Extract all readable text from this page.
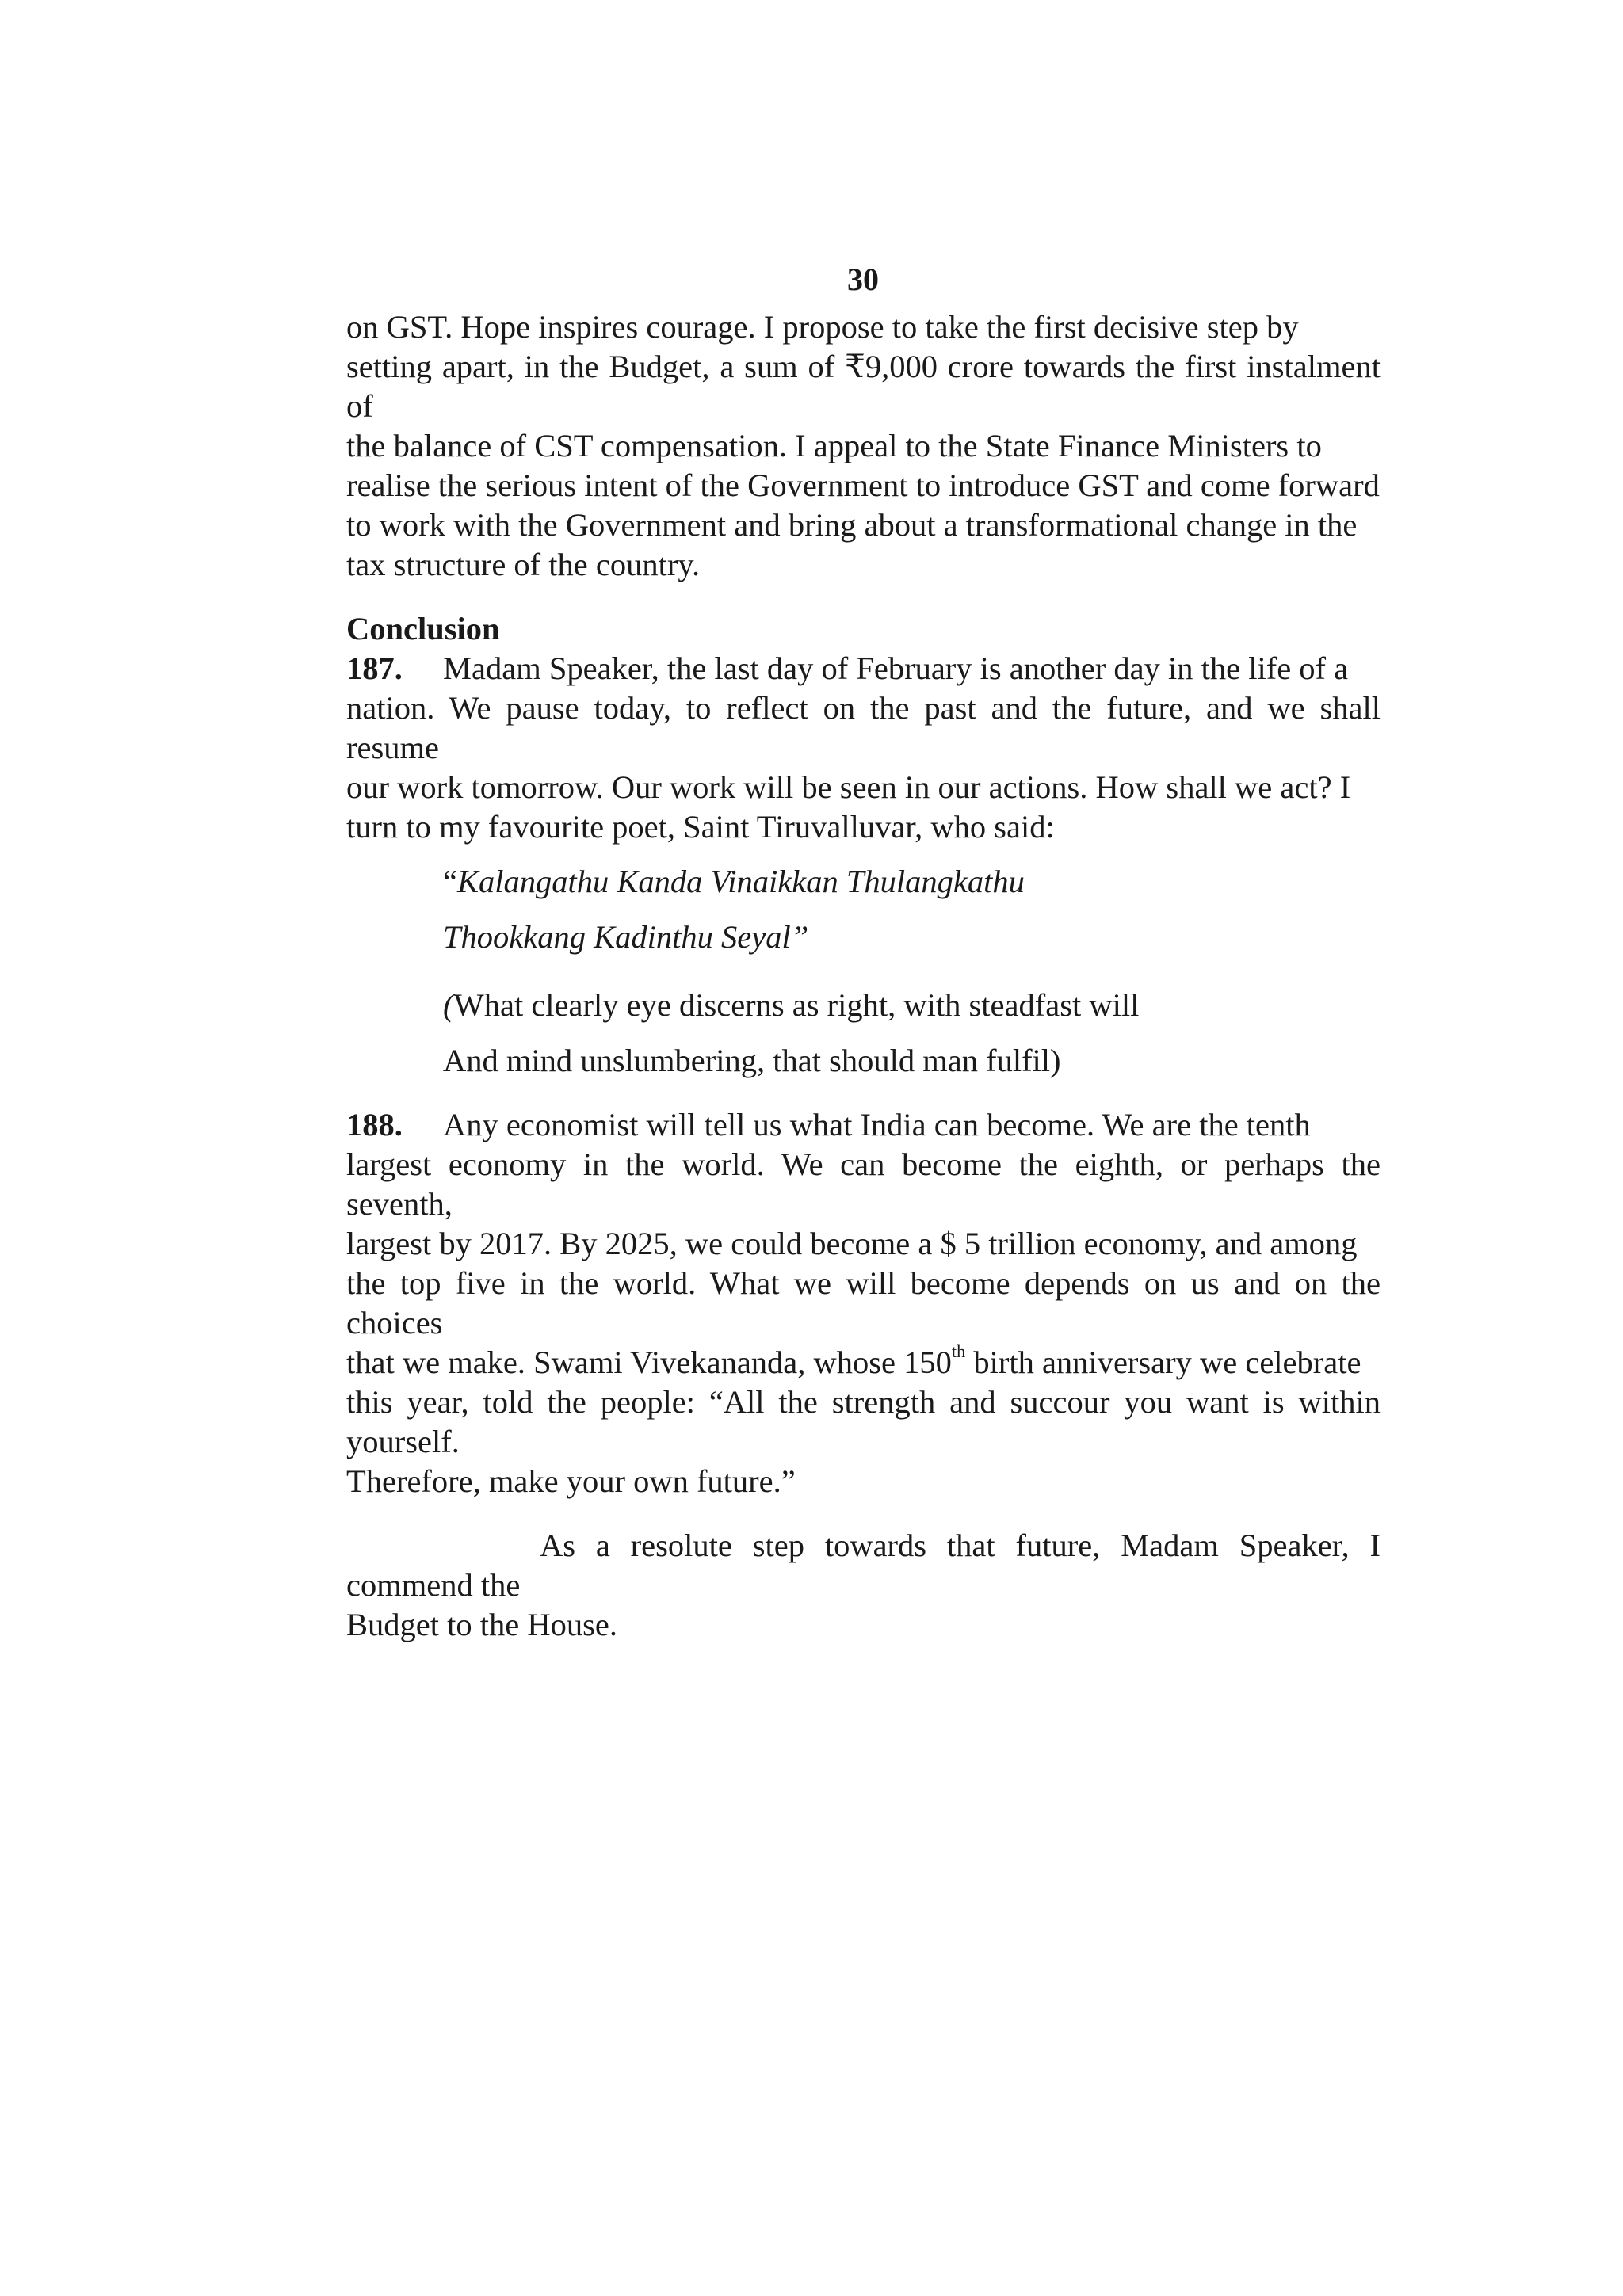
30

on GST. Hope inspires courage. I propose to take the first decisive step by
setting apart, in the Budget, a sum of ₹9,000 crore towards the first instalment of
the balance of CST compensation. I appeal to the State Finance Ministers to
realise the serious intent of the Government to introduce GST and come forward
to work with the Government and bring about a transformational change in the
tax structure of the country.

Conclusion

187. Madam Speaker, the last day of February is another day in the life of a
nation. We pause today, to reflect on the past and the future, and we shall resume
our work tomorrow. Our work will be seen in our actions. How shall we act? I
turn to my favourite poet, Saint Tiruvalluvar, who said:

“Kalangathu Kanda Vinaikkan Thulangkathu

Thookkang Kadinthu Seyal”

(What clearly eye discerns as right, with steadfast will

And mind unslumbering, that should man fulfil)

188. Any economist will tell us what India can become. We are the tenth
largest economy in the world. We can become the eighth, or perhaps the seventh,
largest by 2017. By 2025, we could become a $ 5 trillion economy, and among
the top five in the world. What we will become depends on us and on the choices
that we make. Swami Vivekananda, whose 150th birth anniversary we celebrate
this year, told the people: “All the strength and succour you want is within yourself.
Therefore, make your own future.”

As a resolute step towards that future, Madam Speaker, I commend the
Budget to the House.
